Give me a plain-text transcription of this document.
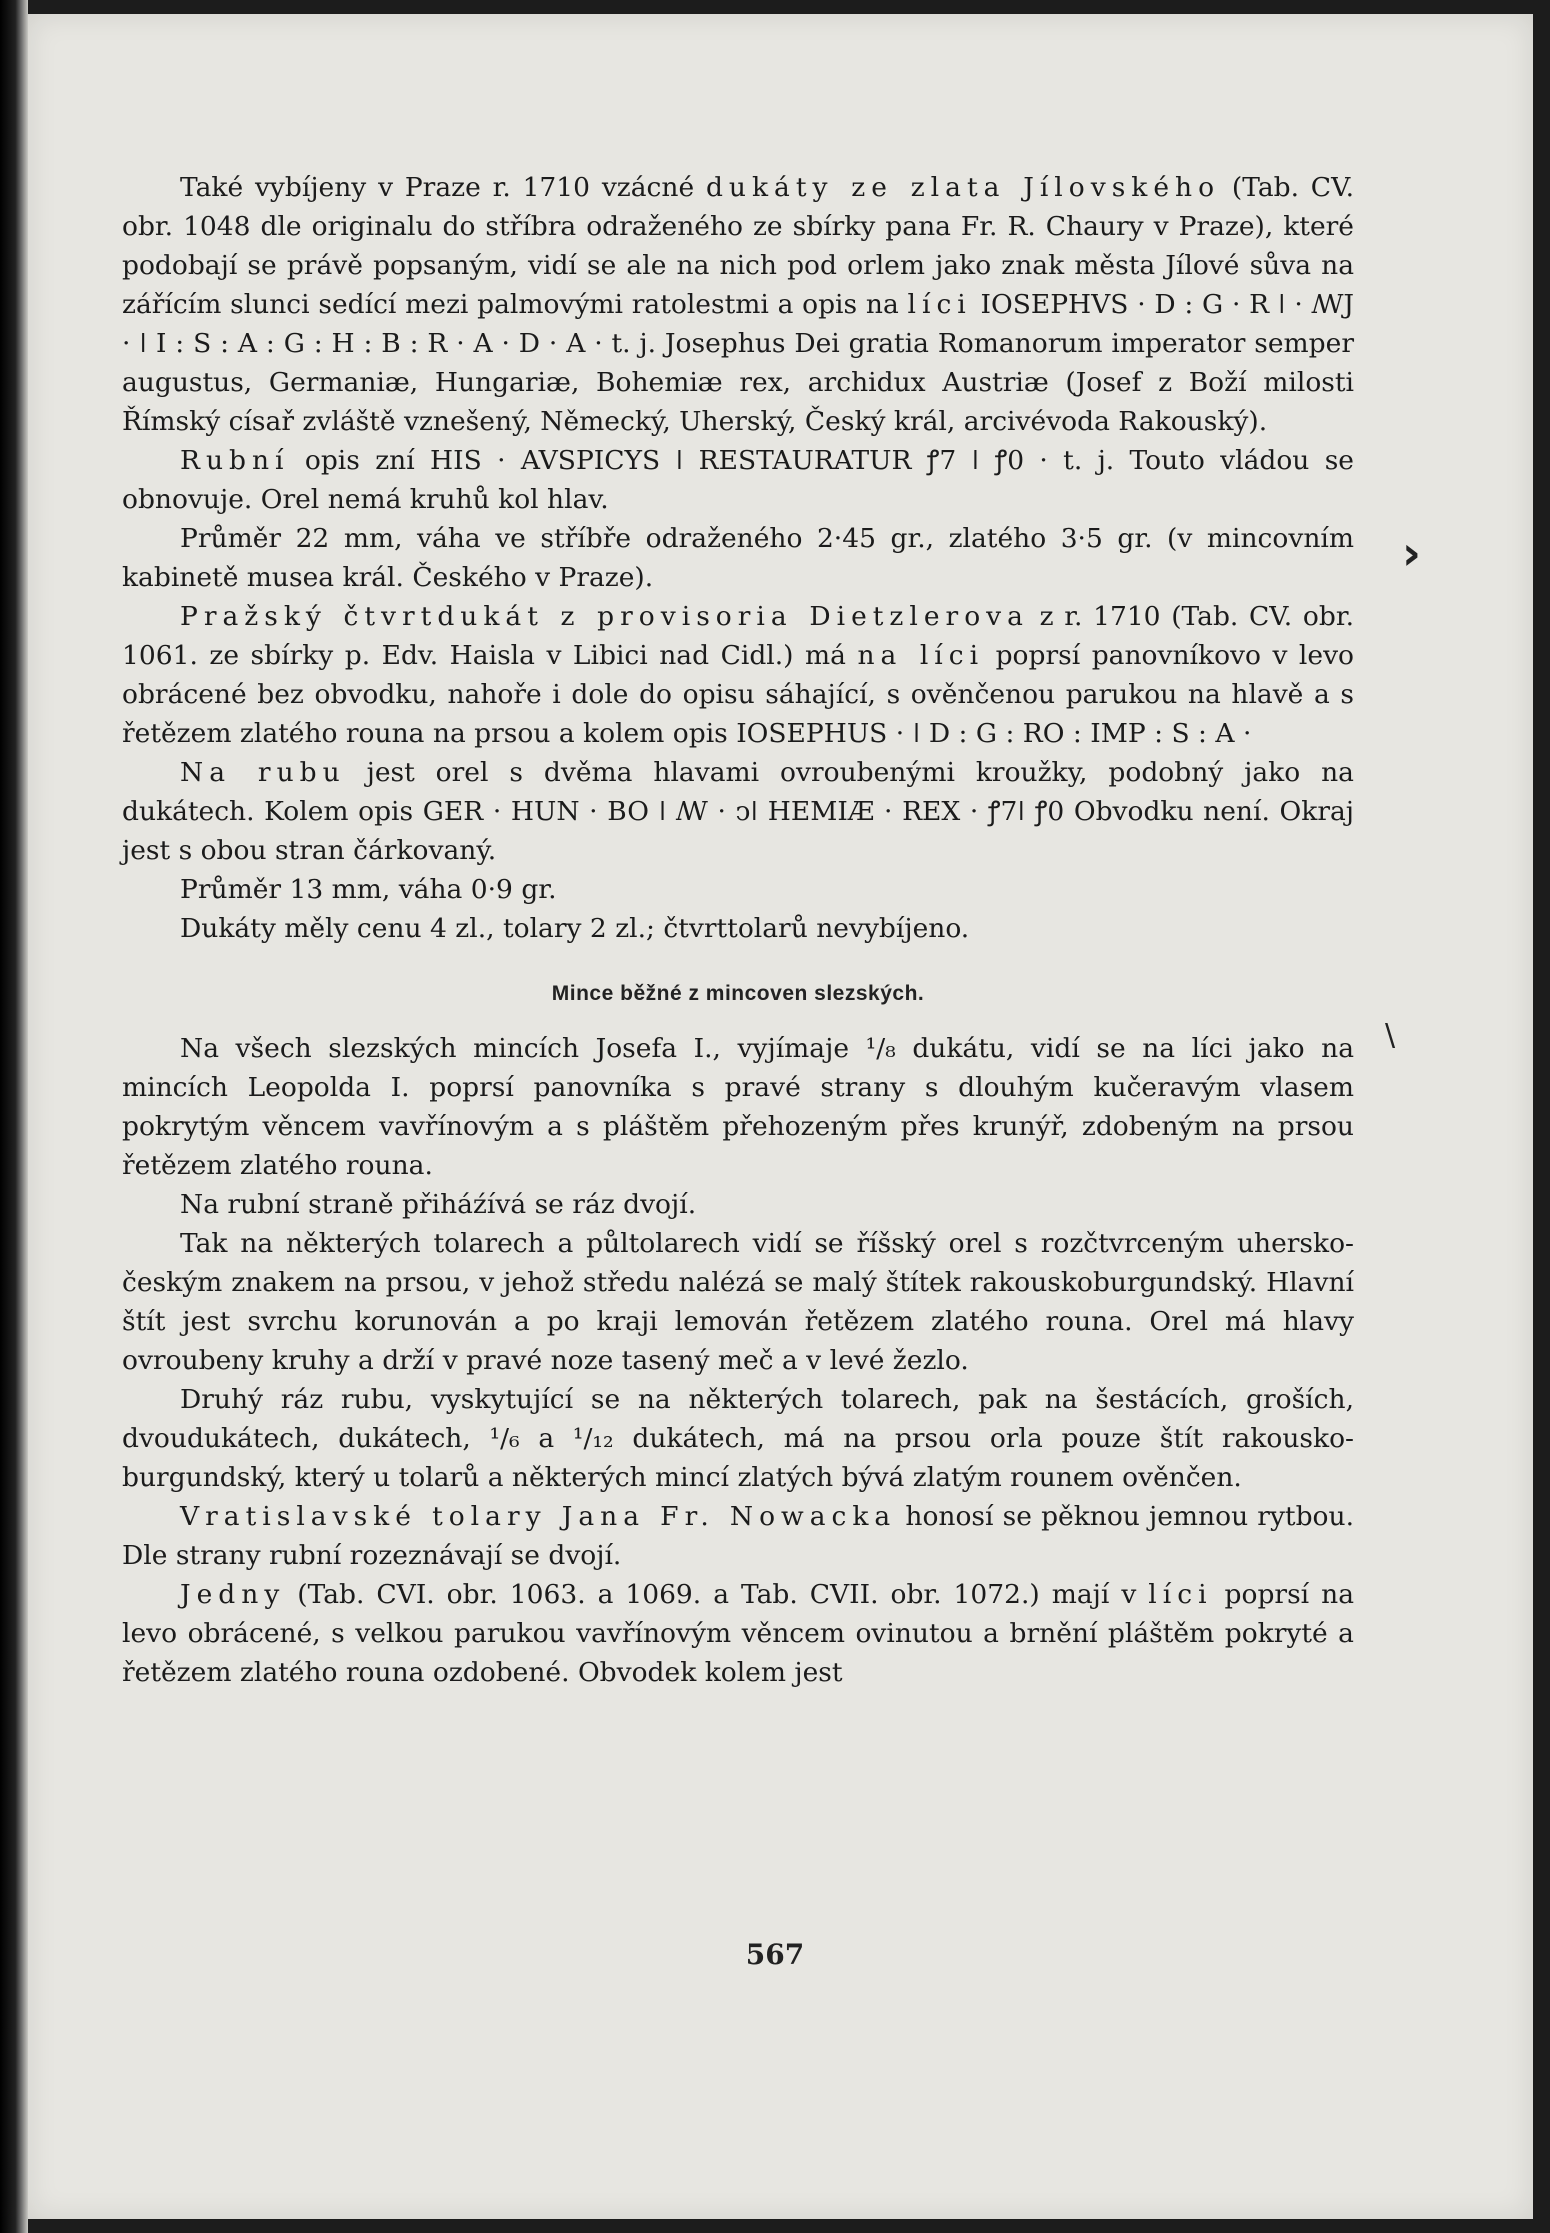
Také vybíjeny v Praze r. 1710 vzácné dukáty ze zlata Jílovského (Tab. CV. obr. 1048 dle originalu do stříbra odraženého ze sbírky pana Fr. R. Chaury v Praze), které podobají se právě popsaným, vidí se ale na nich pod orlem jako znak města Jílové sůva na zářícím slunci sedící mezi palmovými ratolestmi a opis na líci IOSEPHVS · D : G · R ǀ · ꟿJ · ǀ I : S : A : G : H : B : R · A · D · A · t. j. Josephus Dei gratia Romanorum imperator semper augustus, Germaniæ, Hungariæ, Bohemiæ rex, archidux Austriæ (Josef z Boží milosti Římský císař zvláště vznešený, Německý, Uherský, Český král, arcivévoda Rakouský).

Rubní opis zní HIS · AVSPICYS ǀ RESTAURATUR ꝭ7 ǀ ꝭ0 · t. j. Touto vládou se obnovuje. Orel nemá kruhů kol hlav.

Průměr 22 mm, váha ve stříbře odraženého 2·45 gr., zlatého 3·5 gr. (v mincovním kabinetě musea král. Českého v Praze).

Pražský čtvrtdukát z provisoria Dietzlerova z r. 1710 (Tab. CV. obr. 1061. ze sbírky p. Edv. Haisla v Libici nad Cidl.) má na líci poprsí panovníkovo v levo obrácené bez obvodku, nahoře i dole do opisu sáhající, s ověnčenou parukou na hlavě a s řetězem zlatého rouna na prsou a kolem opis IOSEPHUS · ǀ D : G : RO : IMP : S : A ·

Na rubu jest orel s dvěma hlavami ovroubenými kroužky, podobný jako na dukátech. Kolem opis GER · HUN · BO ǀ ꟿ · ↄǀ HEMIÆ · REX · ꝭ7ǀ ꝭ0 Obvodku není. Okraj jest s obou stran čárkovaný.

Průměr 13 mm, váha 0·9 gr.

Dukáty měly cenu 4 zl., tolary 2 zl.; čtvrttolarů nevybíjeno.

Mince běžné z mincoven slezských.

Na všech slezských mincích Josefa I., vyjímaje ¹/₈ dukátu, vidí se na líci jako na mincích Leopolda I. poprsí panovníka s pravé strany s dlouhým kučeravým vlasem pokrytým věncem vavřínovým a s pláštěm přehozeným přes krunýř, zdobeným na prsou řetězem zlatého rouna.

Na rubní straně přiháźívá se ráz dvojí.

Tak na některých tolarech a půltolarech vidí se říšský orel s rozčtvrceným uhersko-českým znakem na prsou, v jehož středu nalézá se malý štítek rakouskoburgundský. Hlavní štít jest svrchu korunován a po kraji lemován řetězem zlatého rouna. Orel má hlavy ovroubeny kruhy a drží v pravé noze tasený meč a v levé žezlo.

Druhý ráz rubu, vyskytující se na některých tolarech, pak na šestácích, groších, dvoudukátech, dukátech, ¹/₆ a ¹/₁₂ dukátech, má na prsou orla pouze štít rakousko-burgundský, který u tolarů a některých mincí zlatých bývá zlatým rounem ověnčen.

Vratislavské tolary Jana Fr. Nowacka honosí se pěknou jemnou rytbou. Dle strany rubní rozeznávají se dvojí.

Jedny (Tab. CVI. obr. 1063. a 1069. a Tab. CVII. obr. 1072.) mají v líci poprsí na levo obrácené, s velkou parukou vavřínovým věncem ovinutou a brnění pláštěm pokryté a řetězem zlatého rouna ozdobené. Obvodek kolem jest

›
\
567
